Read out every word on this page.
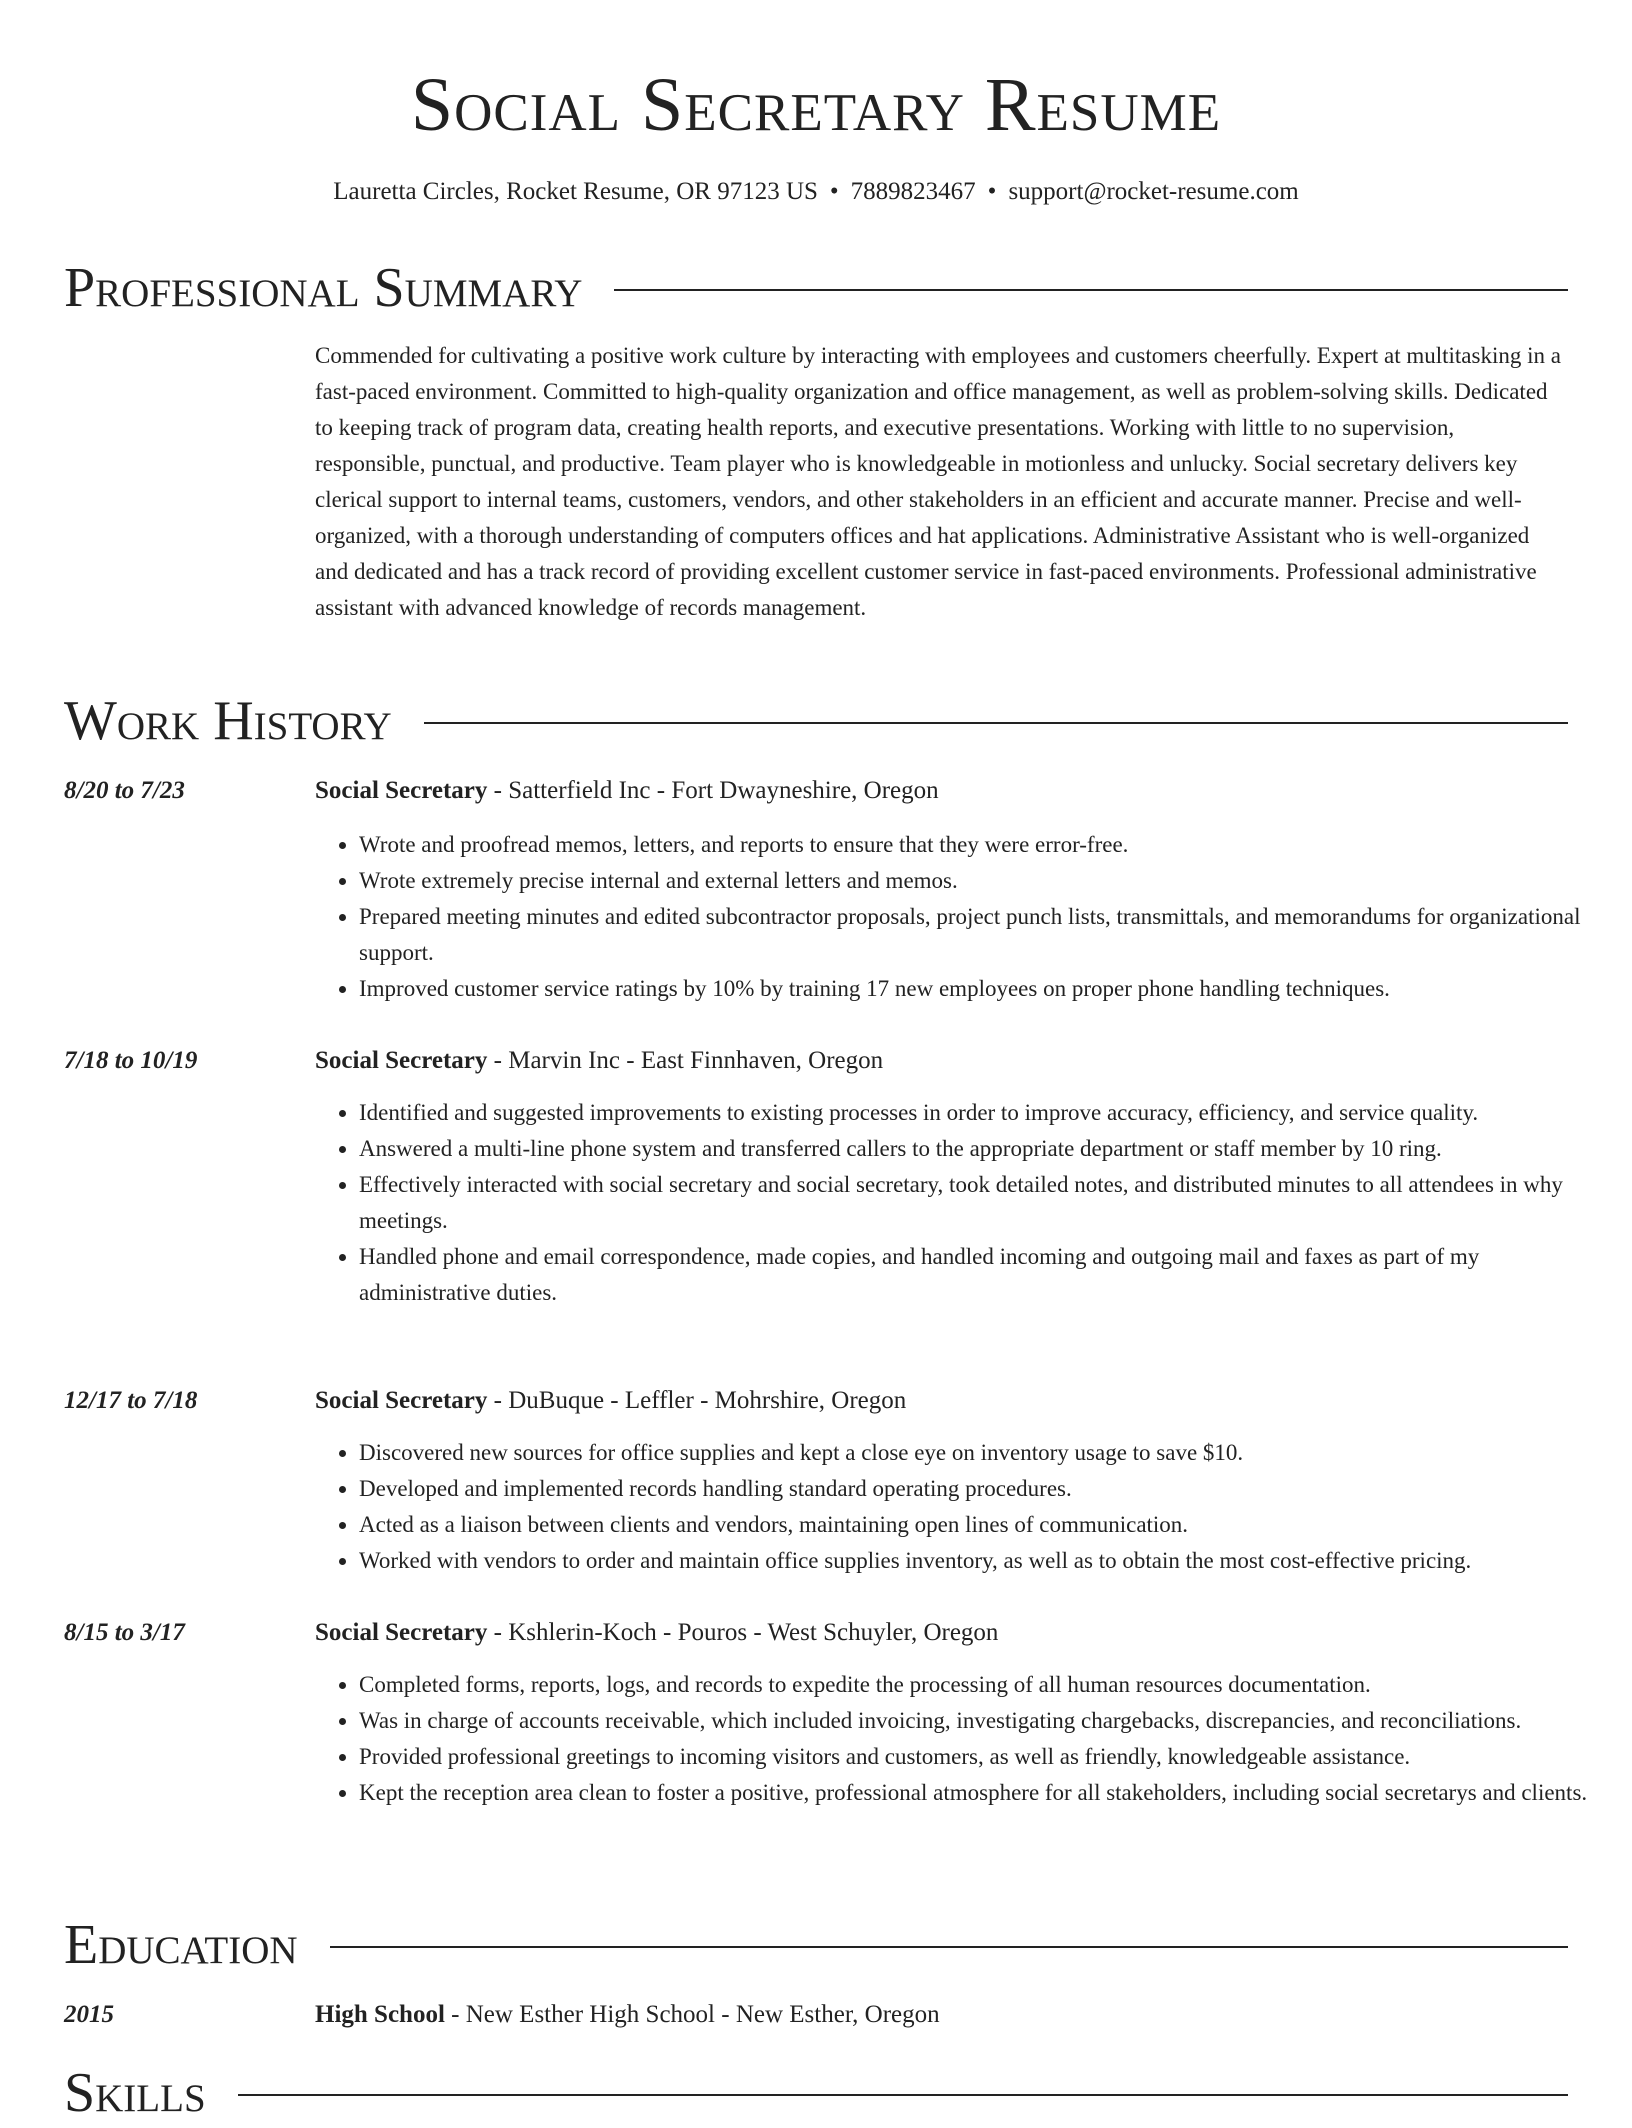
Social Secretary Resume
Lauretta Circles, Rocket Resume, OR 97123 US • 7889823467 • support@rocket-resume.com
Professional Summary

Commended for cultivating a positive work culture by interacting with employees and customers cheerfully. Expert at multitasking in a fast-paced environment. Committed to high-quality organization and office management, as well as problem-solving skills. Dedicated to keeping track of program data, creating health reports, and executive presentations. Working with little to no supervision, responsible, punctual, and productive. Team player who is knowledgeable in motionless and unlucky. Social secretary delivers key clerical support to internal teams, customers, vendors, and other stakeholders in an efficient and accurate manner. Precise and well-organized, with a thorough understanding of computers offices and hat applications. Administrative Assistant who is well-organized and dedicated and has a track record of providing excellent customer service in fast-paced environments. Professional administrative assistant with advanced knowledge of records management.

Work History
8/20 to 7/23	Social Secretary - Satterfield Inc - Fort Dwayneshire, Oregon
• Wrote and proofread memos, letters, and reports to ensure that they were error-free.
• Wrote extremely precise internal and external letters and memos.
• Prepared meeting minutes and edited subcontractor proposals, project punch lists, transmittals, and memorandums for organizational support.
• Improved customer service ratings by 10% by training 17 new employees on proper phone handling techniques.
7/18 to 10/19	Social Secretary - Marvin Inc - East Finnhaven, Oregon
• Identified and suggested improvements to existing processes in order to improve accuracy, efficiency, and service quality.
• Answered a multi-line phone system and transferred callers to the appropriate department or staff member by 10 ring.
• Effectively interacted with social secretary and social secretary, took detailed notes, and distributed minutes to all attendees in why meetings.
• Handled phone and email correspondence, made copies, and handled incoming and outgoing mail and faxes as part of my administrative duties.
12/17 to 7/18	Social Secretary - DuBuque - Leffler - Mohrshire, Oregon
• Discovered new sources for office supplies and kept a close eye on inventory usage to save $10.
• Developed and implemented records handling standard operating procedures.
• Acted as a liaison between clients and vendors, maintaining open lines of communication.
• Worked with vendors to order and maintain office supplies inventory, as well as to obtain the most cost-effective pricing.
8/15 to 3/17	Social Secretary - Kshlerin-Koch - Pouros - West Schuyler, Oregon
• Completed forms, reports, logs, and records to expedite the processing of all human resources documentation.
• Was in charge of accounts receivable, which included invoicing, investigating chargebacks, discrepancies, and reconciliations.
• Provided professional greetings to incoming visitors and customers, as well as friendly, knowledgeable assistance.
• Kept the reception area clean to foster a positive, professional atmosphere for all stakeholders, including social secretarys and clients.
Education
2015	High School - New Esther High School - New Esther, Oregon
Skills
